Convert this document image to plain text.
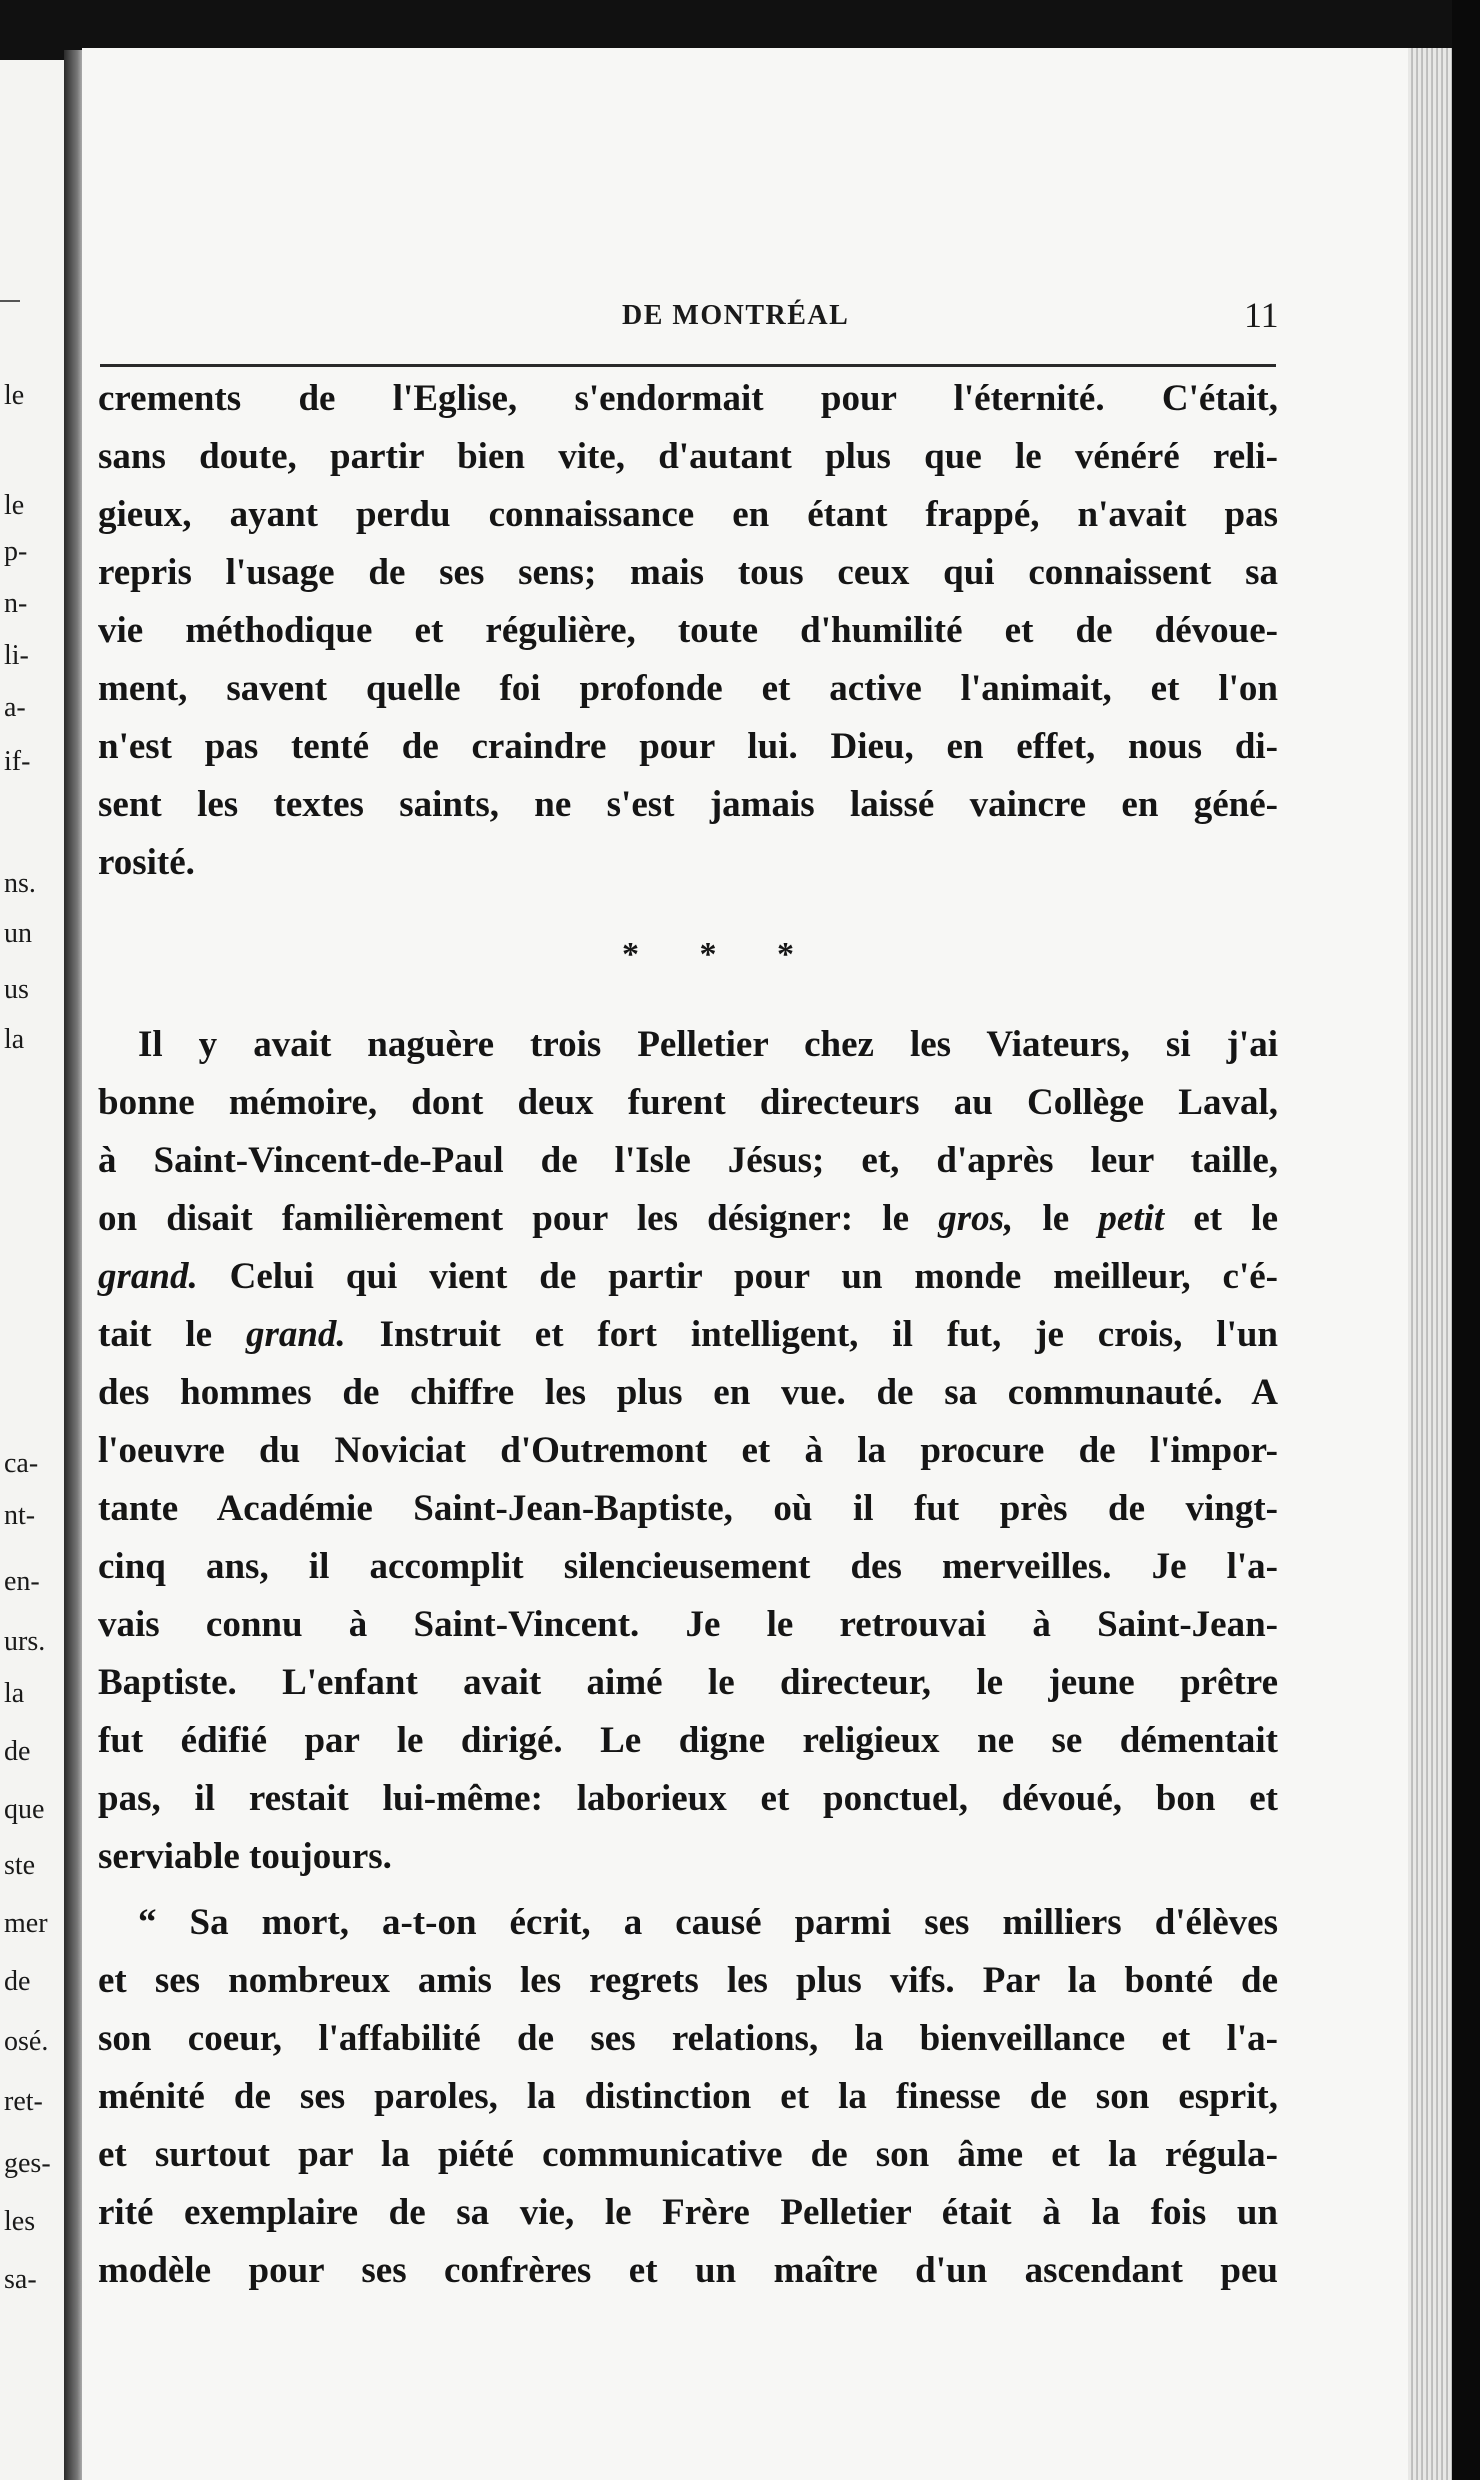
le
le
p-
n-
li-
a-
if-
ns.
un
us
la
ca-
nt-
en-
urs.
la
de
que
ste
mer
de
osé.
ret-
ges-
les
sa-
DE MONTRÉAL	11
crements de l'Eglise, s'endormait pour l'éternité. C'était,
sans doute, partir bien vite, d'autant plus que le vénéré reli-
gieux, ayant perdu connaissance en étant frappé, n'avait pas
repris l'usage de ses sens; mais tous ceux qui connaissent sa
vie méthodique et régulière, toute d'humilité et de dévoue-
ment, savent quelle foi profonde et active l'animait, et l'on
n'est pas tenté de craindre pour lui. Dieu, en effet, nous di-
sent les textes saints, ne s'est jamais laissé vaincre en géné-
rosité.
* * *
Il y avait naguère trois Pelletier chez les Viateurs, si j'ai
bonne mémoire, dont deux furent directeurs au Collège Laval,
à Saint-Vincent-de-Paul de l'Isle Jésus; et, d'après leur taille,
on disait familièrement pour les désigner: le gros, le petit et le
grand. Celui qui vient de partir pour un monde meilleur, c'é-
tait le grand. Instruit et fort intelligent, il fut, je crois, l'un
des hommes de chiffre les plus en vue. de sa communauté. A
l'oeuvre du Noviciat d'Outremont et à la procure de l'impor-
tante Académie Saint-Jean-Baptiste, où il fut près de vingt-
cinq ans, il accomplit silencieusement des merveilles. Je l'a-
vais connu à Saint-Vincent. Je le retrouvai à Saint-Jean-
Baptiste. L'enfant avait aimé le directeur, le jeune prêtre
fut édifié par le dirigé. Le digne religieux ne se démentait
pas, il restait lui-même: laborieux et ponctuel, dévoué, bon et
serviable toujours.
“ Sa mort, a-t-on écrit, a causé parmi ses milliers d'élèves
et ses nombreux amis les regrets les plus vifs. Par la bonté de
son coeur, l'affabilité de ses relations, la bienveillance et l'a-
ménité de ses paroles, la distinction et la finesse de son esprit,
et surtout par la piété communicative de son âme et la régula-
rité exemplaire de sa vie, le Frère Pelletier était à la fois un
modèle pour ses confrères et un maître d'un ascendant peu
